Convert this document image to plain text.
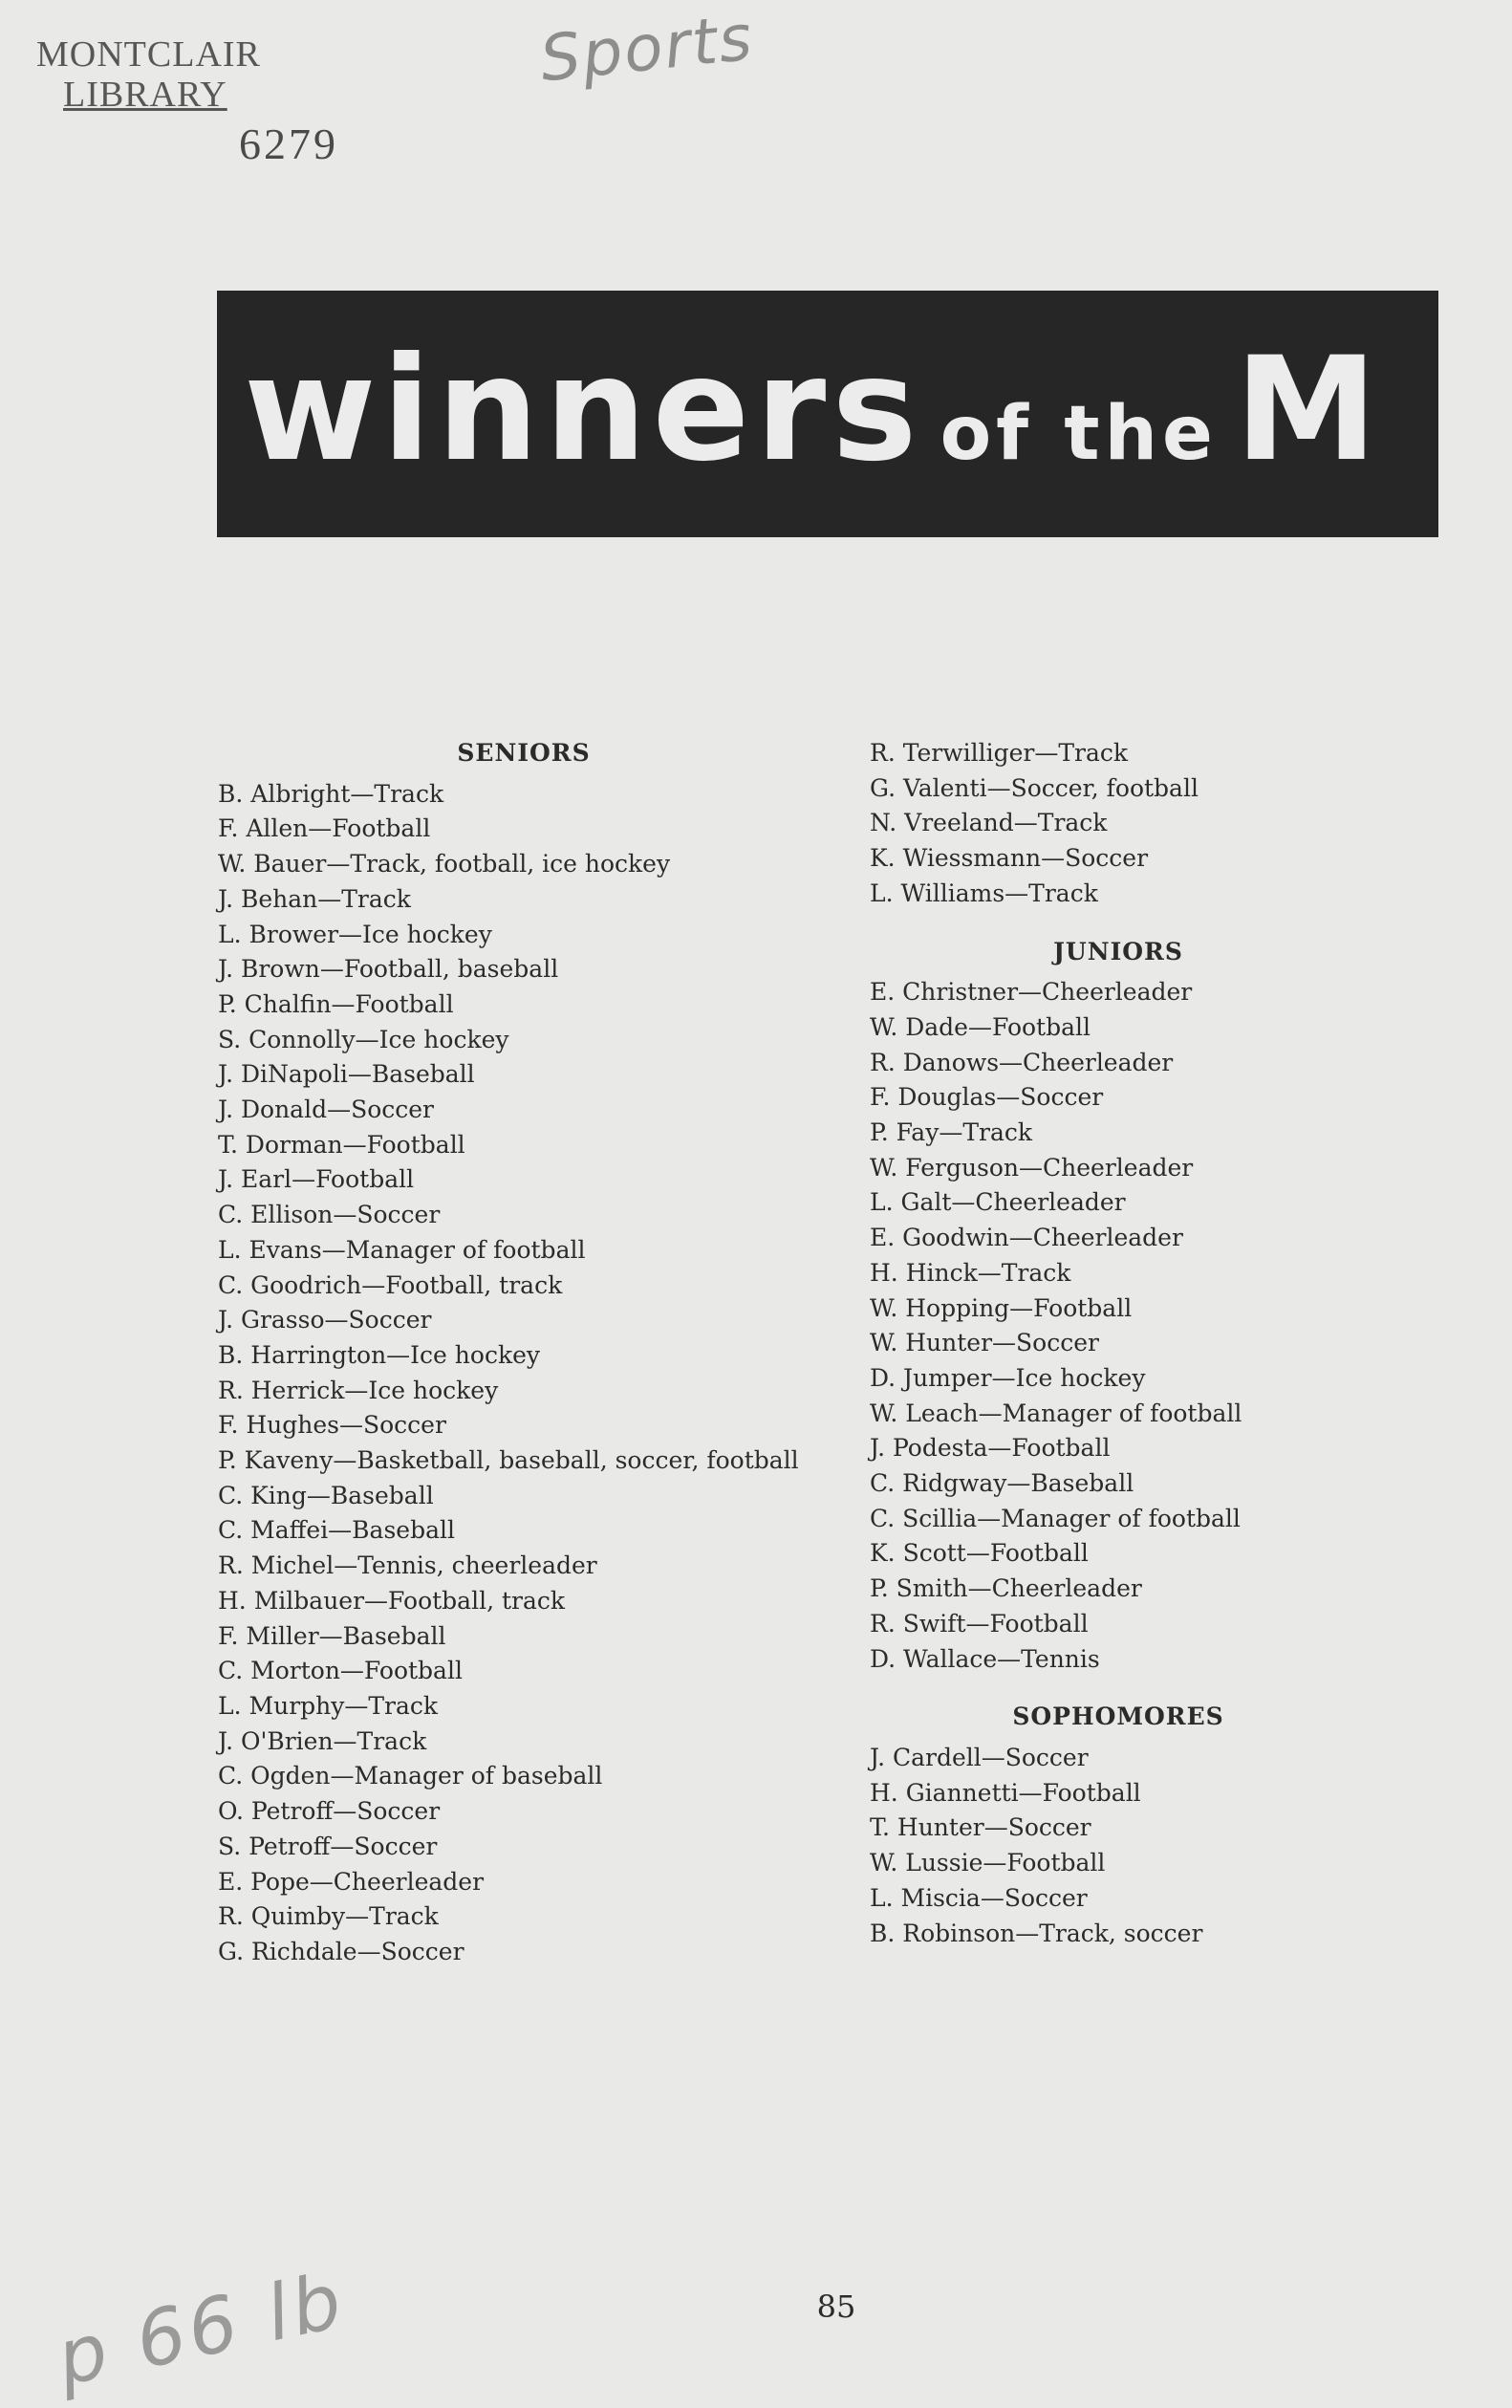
MONTCLAIR
LIBRARY
6279
Sports
winners of the M
SENIORS
B. Albright—Track
F. Allen—Football
W. Bauer—Track, football, ice hockey
J. Behan—Track
L. Brower—Ice hockey
J. Brown—Football, baseball
P. Chalfin—Football
S. Connolly—Ice hockey
J. DiNapoli—Baseball
J. Donald—Soccer
T. Dorman—Football
J. Earl—Football
C. Ellison—Soccer
L. Evans—Manager of football
C. Goodrich—Football, track
J. Grasso—Soccer
B. Harrington—Ice hockey
R. Herrick—Ice hockey
F. Hughes—Soccer
P. Kaveny—Basketball, baseball, soccer, football
C. King—Baseball
C. Maffei—Baseball
R. Michel—Tennis, cheerleader
H. Milbauer—Football, track
F. Miller—Baseball
C. Morton—Football
L. Murphy—Track
J. O'Brien—Track
C. Ogden—Manager of baseball
O. Petroff—Soccer
S. Petroff—Soccer
E. Pope—Cheerleader
R. Quimby—Track
G. Richdale—Soccer
R. Terwilliger—Track
G. Valenti—Soccer, football
N. Vreeland—Track
K. Wiessmann—Soccer
L. Williams—Track
JUNIORS
E. Christner—Cheerleader
W. Dade—Football
R. Danows—Cheerleader
F. Douglas—Soccer
P. Fay—Track
W. Ferguson—Cheerleader
L. Galt—Cheerleader
E. Goodwin—Cheerleader
H. Hinck—Track
W. Hopping—Football
W. Hunter—Soccer
D. Jumper—Ice hockey
W. Leach—Manager of football
J. Podesta—Football
C. Ridgway—Baseball
C. Scillia—Manager of football
K. Scott—Football
P. Smith—Cheerleader
R. Swift—Football
D. Wallace—Tennis
SOPHOMORES
J. Cardell—Soccer
H. Giannetti—Football
T. Hunter—Soccer
W. Lussie—Football
L. Miscia—Soccer
B. Robinson—Track, soccer
85
p 66 lb
